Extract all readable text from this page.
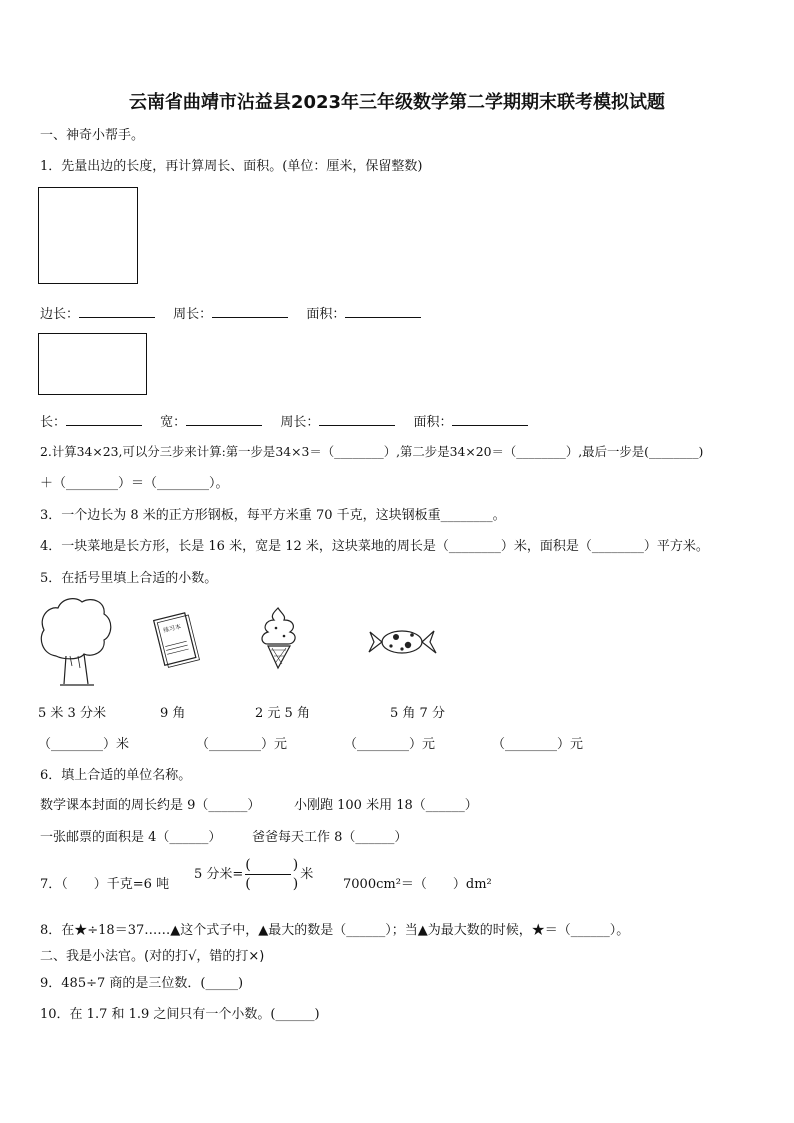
云南省曲靖市沾益县2023年三年级数学第二学期期末联考模拟试题
一、神奇小帮手。
1．先量出边的长度，再计算周长、面积。(单位：厘米，保留整数)
边长：	周长：	面积：
长：	宽：	周长：	面积：
2.计算34×23,可以分三步来计算:第一步是34×3＝（________）,第二步是34×20＝（________）,最后一步是(________)
＋（________）＝（________）。
3．一个边长为 8 米的正方形钢板，每平方米重 70 千克，这块钢板重________。
4．一块菜地是长方形，长是 16 米，宽是 12 米，这块菜地的周长是（________）米，面积是（________）平方米。
5．在括号里填上合适的小数。
练习本
5 米 3 分米	9 角	2 元 5 角	5 角 7 分
（________）米	（________）元	（________）元	（________）元
6．填上合适的单位名称。
数学课本封面的周长约是 9（______）	小刚跑 100 米用 18（______）
一张邮票的面积是 4（______） 爸爸每天工作 8（______）
7．（　　）千克=6 吨
5 分米= $\frac{( )}{( )}$ 米
7000cm²＝（　　）dm²
8．在★÷18＝37……▲这个式子中，▲最大的数是（______）；当▲为最大数的时候，★＝（______）。
二、我是小法官。(对的打√，错的打×)
9．485÷7 商的是三位数．(_____)
10．在 1.7 和 1.9 之间只有一个小数。(______)
